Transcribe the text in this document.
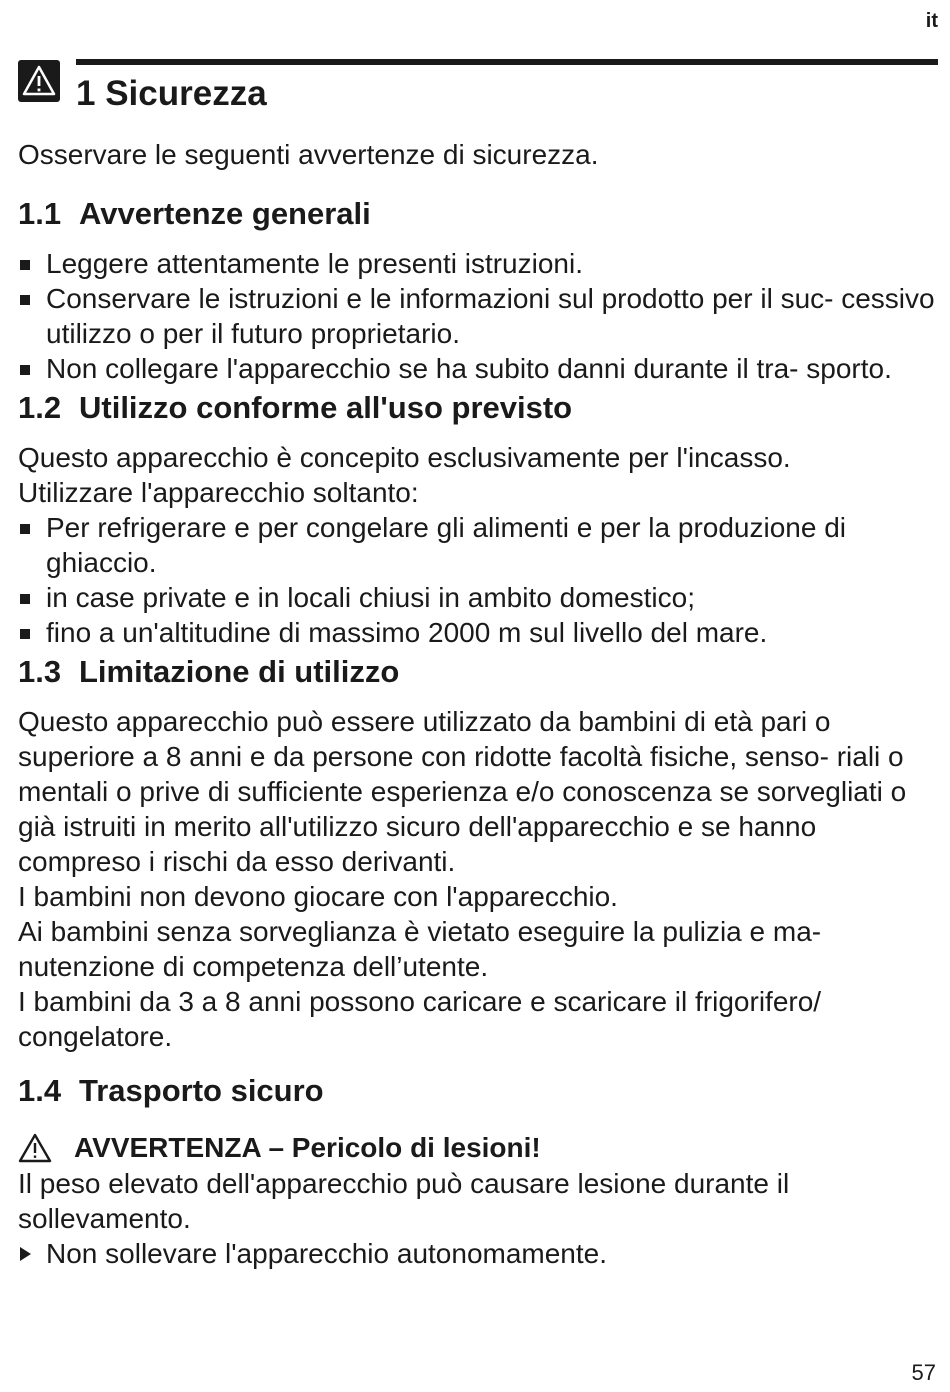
it
1 Sicurezza

Osservare le seguenti avvertenze di sicurezza.

1.1 Avvertenze generali
Leggere attentamente le presenti istruzioni.
Conservare le istruzioni e le informazioni sul prodotto per il suc- cessivo utilizzo o per il futuro proprietario.
Non collegare l'apparecchio se ha subito danni durante il tra- sporto.
1.2 Utilizzo conforme all'uso previsto

Questo apparecchio è concepito esclusivamente per l'incasso.

Utilizzare l'apparecchio soltanto:

Per refrigerare e per congelare gli alimenti e per la produzione di ghiaccio.
in case private e in locali chiusi in ambito domestico;
fino a un'altitudine di massimo 2000 m sul livello del mare.
1.3 Limitazione di utilizzo

Questo apparecchio può essere utilizzato da bambini di età pari o superiore a 8 anni e da persone con ridotte facoltà fisiche, senso- riali o mentali o prive di sufficiente esperienza e/o conoscenza se sorvegliati o già istruiti in merito all'utilizzo sicuro dell'apparecchio e se hanno compreso i rischi da esso derivanti.

I bambini non devono giocare con l'apparecchio.

Ai bambini senza sorveglianza è vietato eseguire la pulizia e ma- nutenzione di competenza dell’utente.

I bambini da 3 a 8 anni possono caricare e scaricare il frigorifero/ congelatore.

1.4 Trasporto sicuro
AVVERTENZA – Pericolo di lesioni!

Il peso elevato dell'apparecchio può causare lesione durante il sollevamento.

Non sollevare l'apparecchio autonomamente.
57
